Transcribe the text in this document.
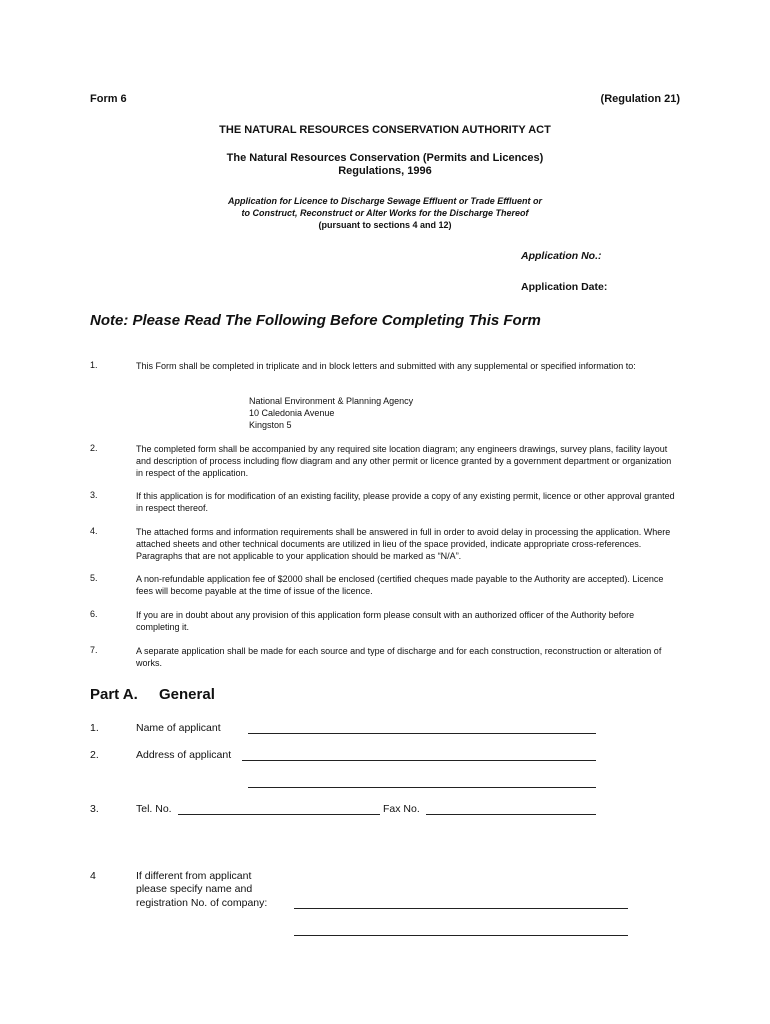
Form 6	(Regulation 21)
THE NATURAL RESOURCES CONSERVATION AUTHORITY ACT
The Natural Resources Conservation (Permits and Licences)
Regulations, 1996
Application for Licence to Discharge Sewage Effluent or Trade Effluent or
to Construct, Reconstruct or Alter Works for the Discharge Thereof
(pursuant to sections 4 and 12)
Application No.:
Application Date:
Note: Please Read The Following Before Completing This Form
1.	This Form shall be completed in triplicate and in block letters and submitted with any supplemental or specified information to:
National Environment & Planning Agency
10 Caledonia Avenue
Kingston 5
2.	The completed form shall be accompanied by any required site location diagram; any engineers drawings, survey plans, facility layout and description of process including flow diagram and any other permit or licence granted by a government department or organization in respect of the application.
3.	If this application is for modification of an existing facility, please provide a copy of any existing permit, licence or other approval granted in respect thereof.
4.	The attached forms and information requirements shall be answered in full in order to avoid delay in processing the application. Where attached sheets and other technical documents are utilized in lieu of the space provided, indicate appropriate cross-references. Paragraphs that are not applicable to your application should be marked as “N/A”.
5.	A non-refundable application fee of $2000 shall be enclosed (certified cheques made payable to the Authority are accepted). Licence fees will become payable at the time of issue of the licence.
6.	If you are in doubt about any provision of this application form please consult with an authorized officer of the Authority before completing it.
7.	A separate application shall be made for each source and type of discharge and for each construction, reconstruction or alteration of works.
Part A. General
1.	Name of applicant
2.	Address of applicant
3.	Tel. No.	Fax No.
4	If different from applicant
please specify name and
registration No. of company:
